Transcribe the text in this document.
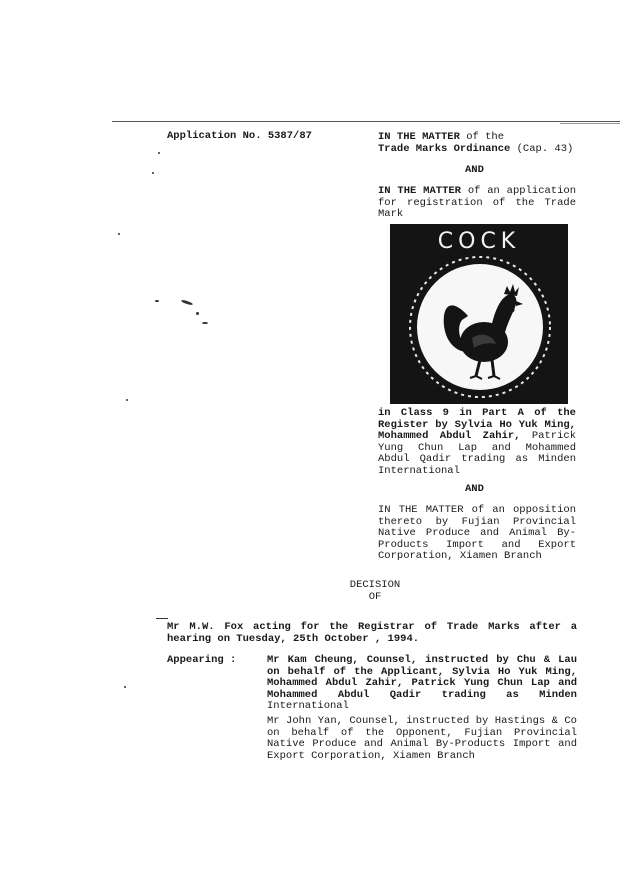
Application No. 5387/87	IN THE MATTER of the
Trade Marks Ordinance (Cap. 43)
AND
IN THE MATTER of an application for registration of the Trade Mark
COCK
in Class 9 in Part A of the Register by Sylvia Ho Yuk Ming, Mohammed Abdul Zahir, Patrick Yung Chun Lap and Mohammed Abdul Qadir trading as Minden International
AND
IN THE MATTER of an opposition thereto by Fujian Provincial Native Produce and Animal By-Products Import and Export Corporation, Xiamen Branch
DECISION
OF
Mr M.W. Fox acting for the Registrar of Trade Marks after a hearing on Tuesday, 25th October , 1994.
Appearing :	Mr Kam Cheung, Counsel, instructed by Chu & Lau on behalf of the Applicant, Sylvia Ho Yuk Ming, Mohammed Abdul Zahir, Patrick Yung Chun Lap and Mohammed Abdul Qadir trading as Minden International
Mr John Yan, Counsel, instructed by Hastings & Co on behalf of the Opponent, Fujian Provincial Native Produce and Animal By-Products Import and Export Corporation, Xiamen Branch
